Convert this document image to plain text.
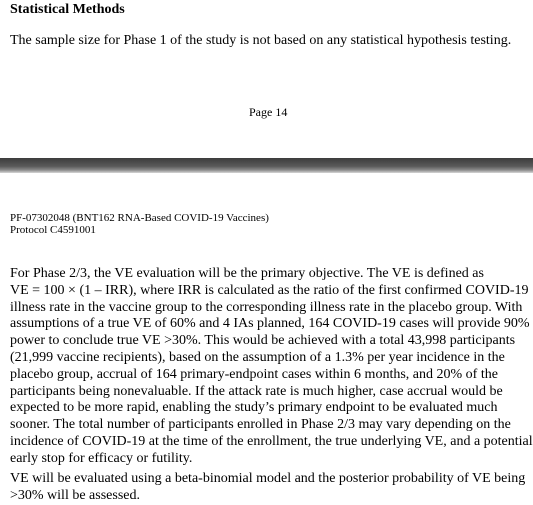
Statistical Methods
The sample size for Phase 1 of the study is not based on any statistical hypothesis testing.
Page 14
PF-07302048 (BNT162 RNA-Based COVID-19 Vaccines)
Protocol C4591001
For Phase 2/3, the VE evaluation will be the primary objective. The VE is defined as
VE = 100 × (1 – IRR), where IRR is calculated as the ratio of the first confirmed COVID-19
illness rate in the vaccine group to the corresponding illness rate in the placebo group. With
assumptions of a true VE of 60% and 4 IAs planned, 164 COVID-19 cases will provide 90%
power to conclude true VE >30%. This would be achieved with a total 43,998 participants
(21,999 vaccine recipients), based on the assumption of a 1.3% per year incidence in the
placebo group, accrual of 164 primary-endpoint cases within 6 months, and 20% of the
participants being nonevaluable. If the attack rate is much higher, case accrual would be
expected to be more rapid, enabling the study’s primary endpoint to be evaluated much
sooner. The total number of participants enrolled in Phase 2/3 may vary depending on the
incidence of COVID-19 at the time of the enrollment, the true underlying VE, and a potential
early stop for efficacy or futility.
VE will be evaluated using a beta-binomial model and the posterior probability of VE being
>30% will be assessed.
